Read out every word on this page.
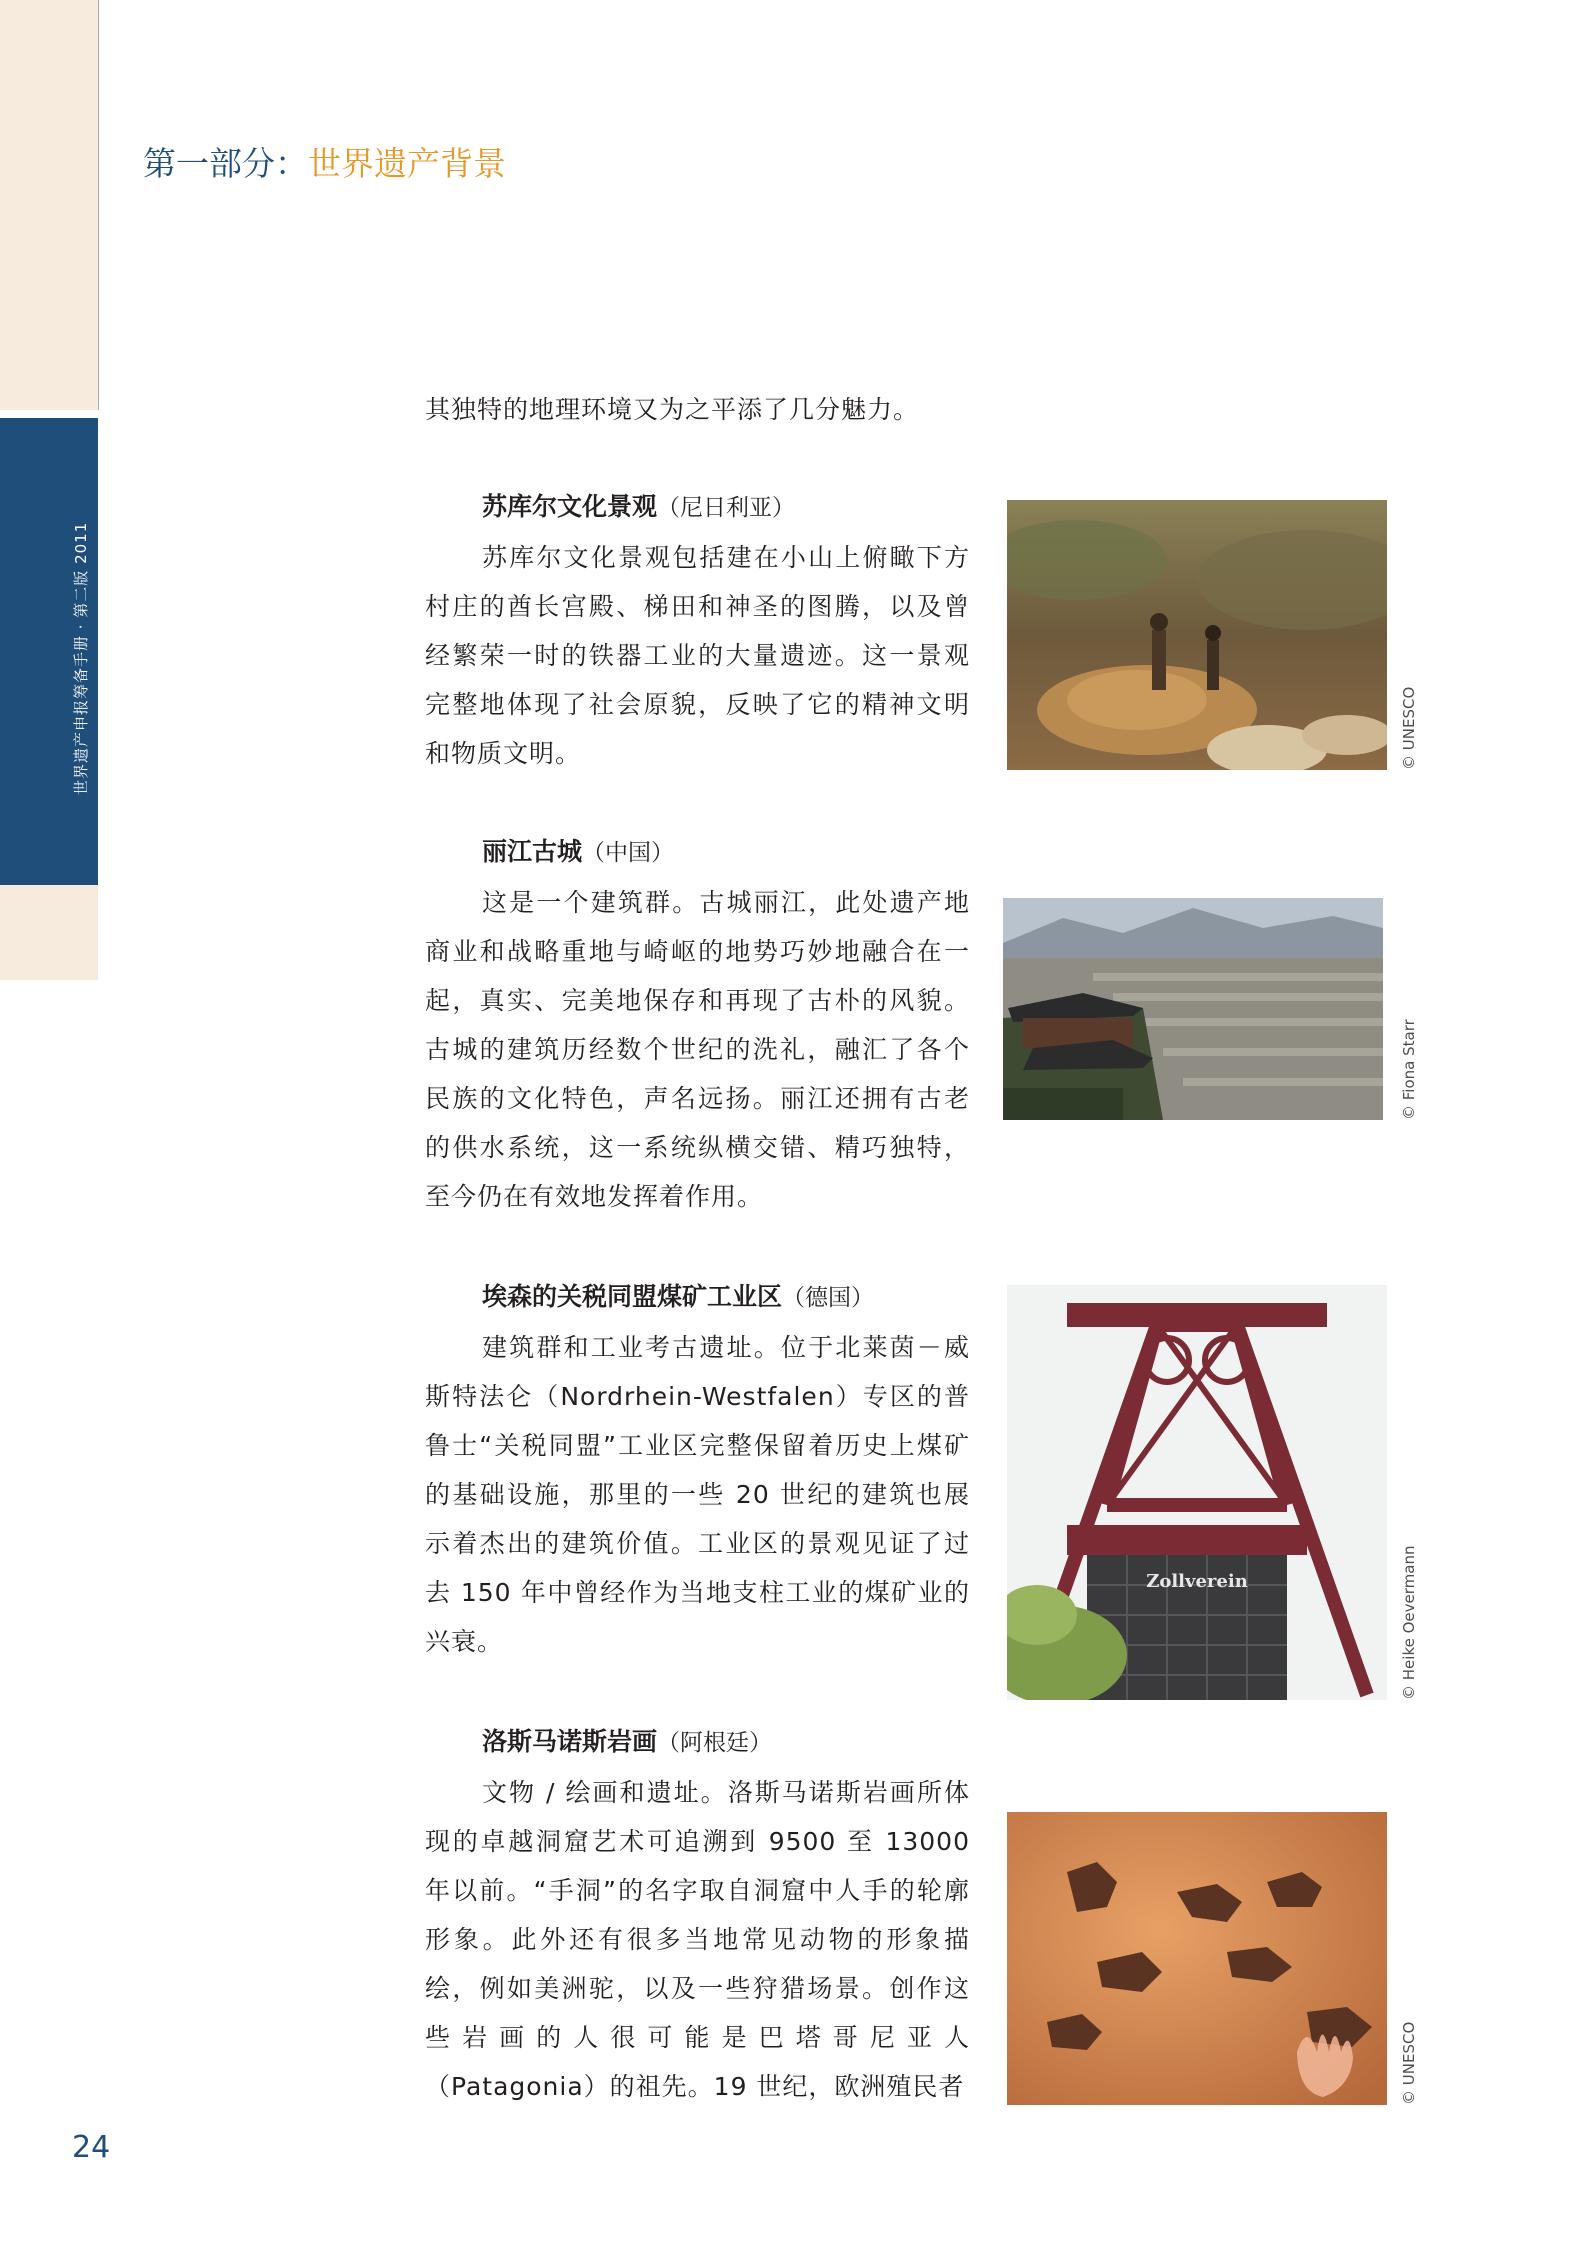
世界遗产申报筹备手册 · 第二版 2011
第一部分：世界遗产背景
其独特的地理环境又为之平添了几分魅力。
苏库尔文化景观（尼日利亚）
苏库尔文化景观包括建在小山上俯瞰下方村庄的酋长宫殿、梯田和神圣的图腾，以及曾经繁荣一时的铁器工业的大量遗迹。这一景观完整地体现了社会原貌，反映了它的精神文明和物质文明。	© UNESCO
丽江古城（中国）
这是一个建筑群。古城丽江，此处遗产地商业和战略重地与崎岖的地势巧妙地融合在一起，真实、完美地保存和再现了古朴的风貌。古城的建筑历经数个世纪的洗礼，融汇了各个民族的文化特色，声名远扬。丽江还拥有古老的供水系统，这一系统纵横交错、精巧独特，至今仍在有效地发挥着作用。
© Fiona Starr
埃森的关税同盟煤矿工业区（德国）
建筑群和工业考古遗址。位于北莱茵－威斯特法仑（Nordrhein-Westfalen）专区的普鲁士“关税同盟”工业区完整保留着历史上煤矿的基础设施，那里的一些 20 世纪的建筑也展示着杰出的建筑价值。工业区的景观见证了过去 150 年中曾经作为当地支柱工业的煤矿业的兴衰。
Zollverein	© Heike Oevermann
洛斯马诺斯岩画（阿根廷）
文物 / 绘画和遗址。洛斯马诺斯岩画所体现的卓越洞窟艺术可追溯到 9500 至 13000 年以前。“手洞”的名字取自洞窟中人手的轮廓形象。此外还有很多当地常见动物的形象描绘，例如美洲驼，以及一些狩猎场景。创作这些岩画的人很可能是巴塔哥尼亚人（Patagonia）的祖先。19 世纪，欧洲殖民者	© UNESCO
24
